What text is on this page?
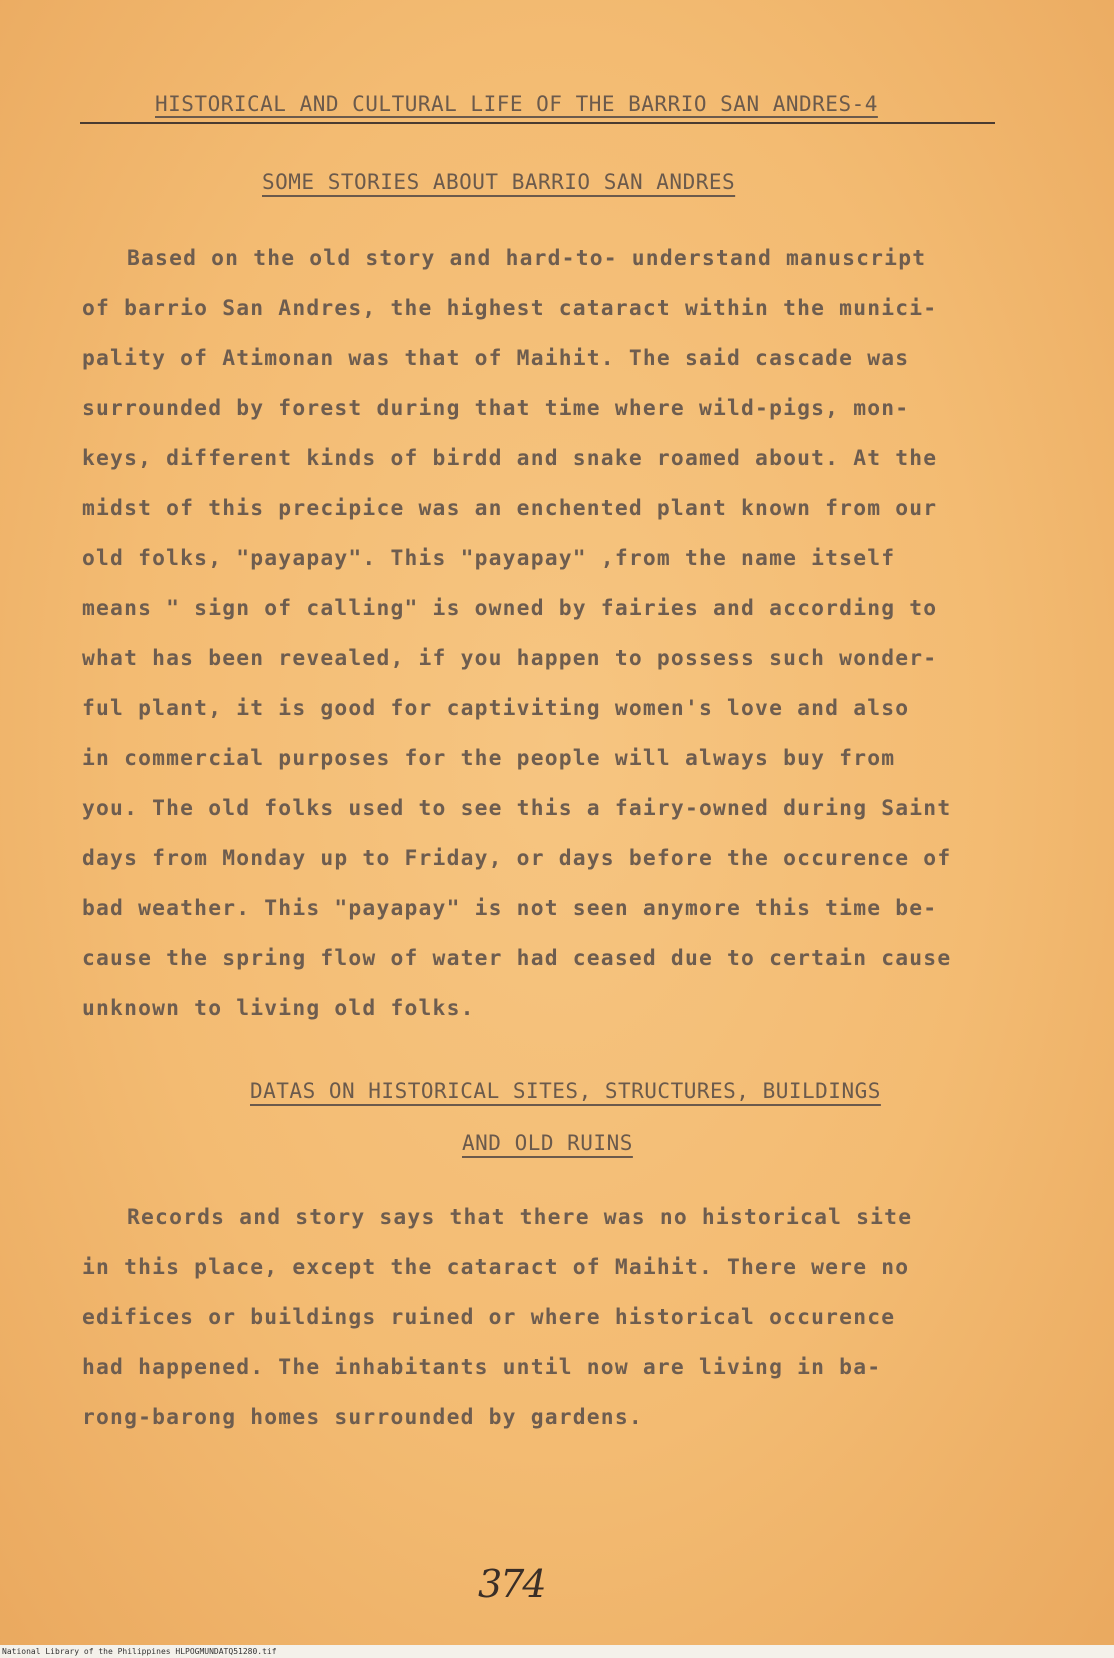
HISTORICAL AND CULTURAL LIFE OF THE BARRIO SAN ANDRES-4
SOME STORIES ABOUT BARRIO SAN ANDRES
Based on the old story and hard-to- understand manuscript
of barrio San Andres, the highest cataract within the munici-
pality of Atimonan was that of Maihit. The said cascade was
surrounded by forest during that time where wild-pigs, mon-
keys, different kinds of birdd and snake roamed about. At the
midst of this precipice was an enchented plant known from our
old folks, "payapay". This "payapay" ,from the name itself
means " sign of calling" is owned by fairies and according to
what has been revealed, if you happen to possess such wonder-
ful plant, it is good for captiviting women's love and also
in commercial purposes for the people will always buy from
you. The old folks used to see this a fairy-owned during Saint
days from Monday up to Friday, or days before the occurence of
bad weather. This "payapay" is not seen anymore this time be-
cause the spring flow of water had ceased due to certain cause
unknown to living old folks.
DATAS ON HISTORICAL SITES, STRUCTURES, BUILDINGS
AND OLD RUINS
Records and story says that there was no historical site
in this place, except the cataract of Maihit. There were no
edifices or buildings ruined or where historical occurence
had happened. The inhabitants until now are living in ba-
rong-barong homes surrounded by gardens.
374
National Library of the Philippines HLPOGMUNDATQ51280.tif
